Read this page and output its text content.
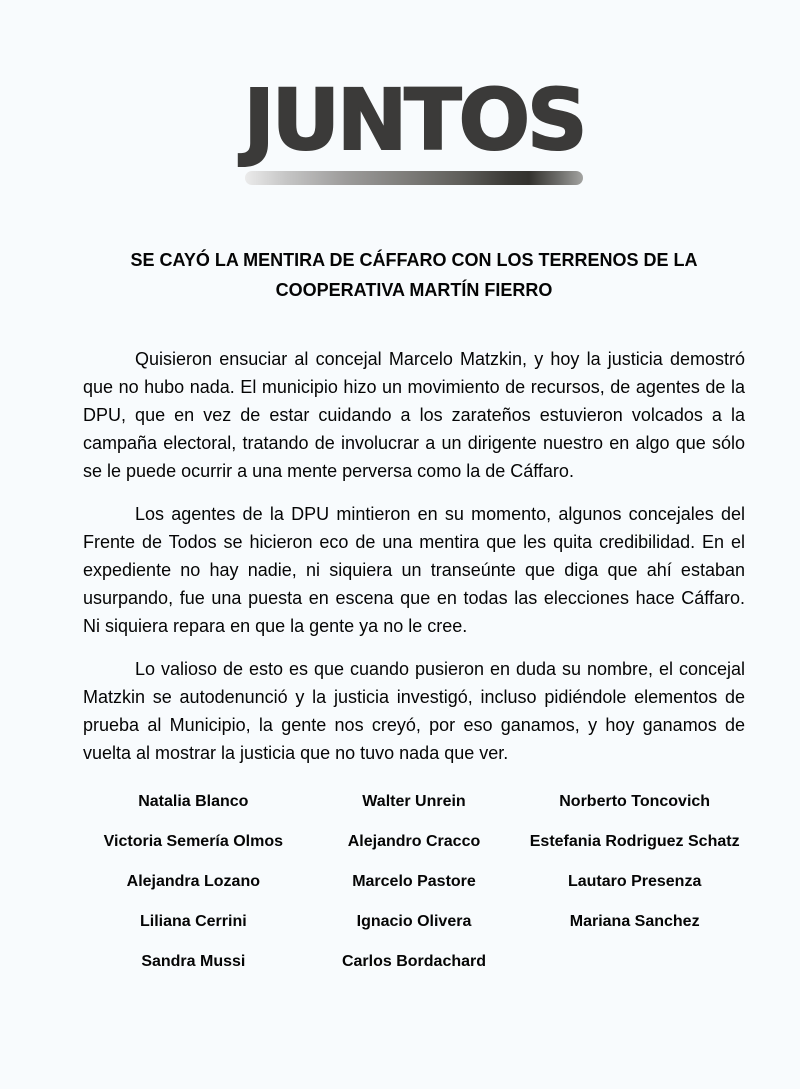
JUNTOS
SE CAYÓ LA MENTIRA DE CÁFFARO CON LOS TERRENOS DE LA COOPERATIVA MARTÍN FIERRO

Quisieron ensuciar al concejal Marcelo Matzkin, y hoy la justicia demostró que no hubo nada. El municipio hizo un movimiento de recursos, de agentes de la DPU, que en vez de estar cuidando a los zarateños estuvieron volcados a la campaña electoral, tratando de involucrar a un dirigente nuestro en algo que sólo se le puede ocurrir a una mente perversa como la de Cáffaro.

Los agentes de la DPU mintieron en su momento, algunos concejales del Frente de Todos se hicieron eco de una mentira que les quita credibilidad. En el expediente no hay nadie, ni siquiera un transeúnte que diga que ahí estaban usurpando, fue una puesta en escena que en todas las elecciones hace Cáffaro. Ni siquiera repara en que la gente ya no le cree.

Lo valioso de esto es que cuando pusieron en duda su nombre, el concejal Matzkin se autodenunció y la justicia investigó, incluso pidiéndole elementos de prueba al Municipio, la gente nos creyó, por eso ganamos, y hoy ganamos de vuelta al mostrar la justicia que no tuvo nada que ver.

Natalia Blanco	Walter Unrein	Norberto Toncovich
Victoria Semería Olmos	Alejandro Cracco	Estefania Rodriguez Schatz
Alejandra Lozano	Marcelo Pastore	Lautaro Presenza
Liliana Cerrini	Ignacio Olivera	Mariana Sanchez
Sandra Mussi	Carlos Bordachard
